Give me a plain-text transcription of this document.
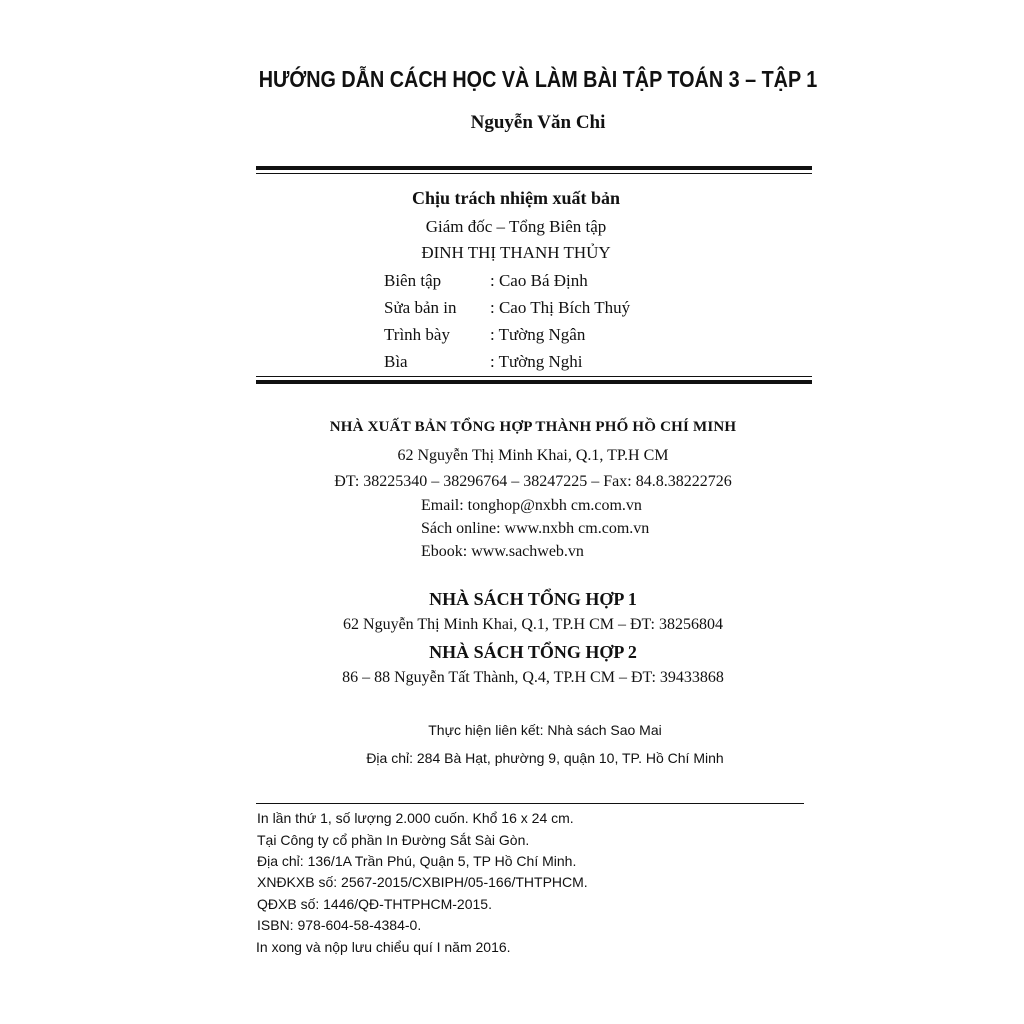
HƯỚNG DẪN CÁCH HỌC VÀ LÀM BÀI TẬP TOÁN 3 – TẬP 1
Nguyễn Văn Chi
Chịu trách nhiệm xuất bản
Giám đốc – Tổng Biên tập
ĐINH THỊ THANH THỦY
Biên tập	: Cao Bá Định
Sửa bản in : Cao Thị Bích Thuý
Trình bày : Tường Ngân
Bìa	: Tường Nghi
NHÀ XUẤT BẢN TỔNG HỢP THÀNH PHỐ HỒ CHÍ MINH
62 Nguyễn Thị Minh Khai, Q.1, TP.H CM
ĐT: 38225340 – 38296764 – 38247225 – Fax: 84.8.38222726
Email: tonghop@nxbh cm.com.vn
Sách online: www.nxbh cm.com.vn
Ebook: www.sachweb.vn
NHÀ SÁCH TỔNG HỢP 1
62 Nguyễn Thị Minh Khai, Q.1, TP.H CM – ĐT: 38256804
NHÀ SÁCH TỔNG HỢP 2
86 – 88 Nguyễn Tất Thành, Q.4, TP.H CM – ĐT: 39433868
Thực hiện liên kết: Nhà sách Sao Mai
Địa chỉ: 284 Bà Hạt, phường 9, quận 10, TP. Hồ Chí Minh
In lần thứ 1, số lượng 2.000 cuốn. Khổ 16 x 24 cm.
Tại Công ty cổ phần In Đường Sắt Sài Gòn.
Địa chỉ: 136/1A Trần Phú, Quận 5, TP Hồ Chí Minh.
XNĐKXB số: 2567-2015/CXBIPH/05-166/THTPHCM.
QĐXB số: 1446/QĐ-THTPHCM-2015.
ISBN: 978-604-58-4384-0.
In xong và nộp lưu chiểu quí I năm 2016.
